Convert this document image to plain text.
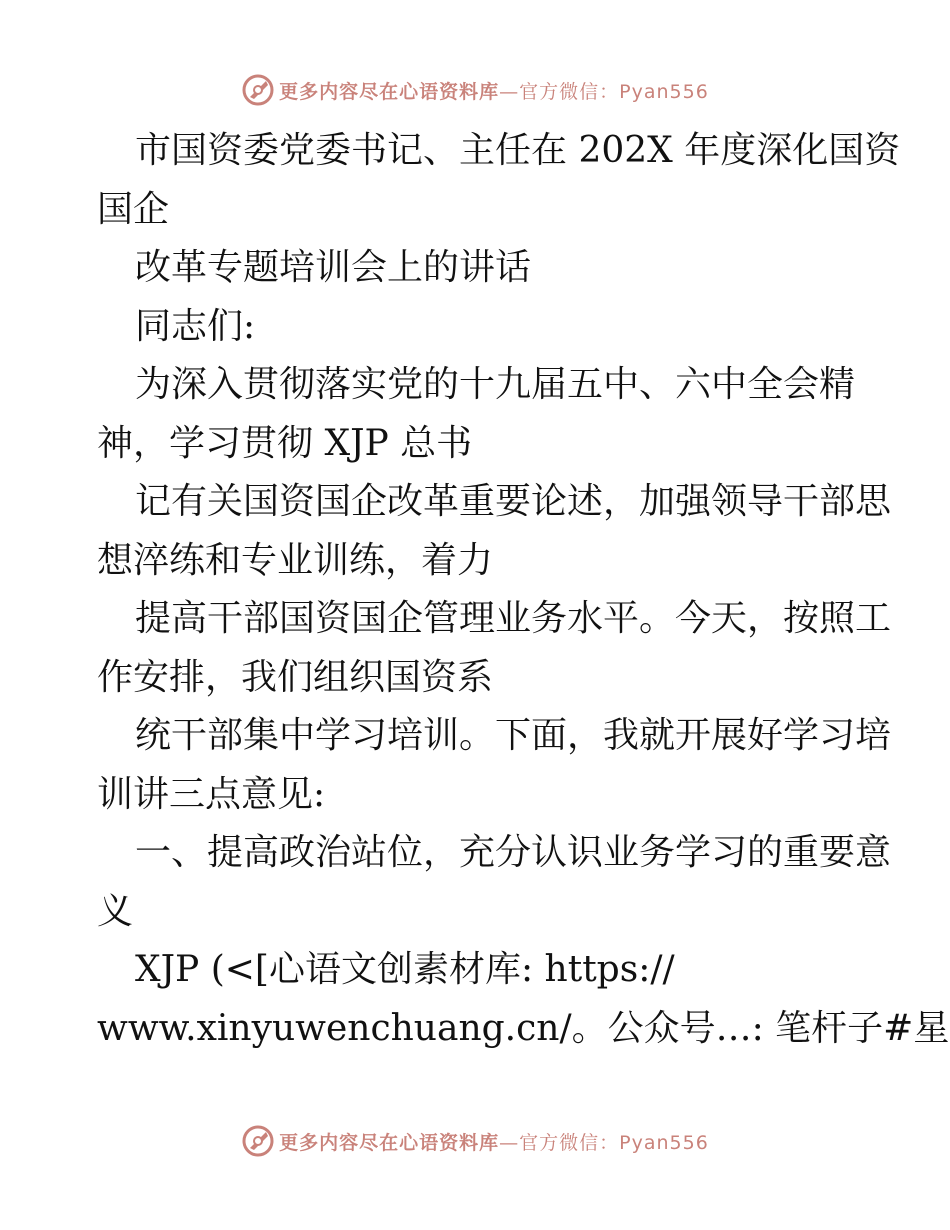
更多内容尽在心语资料库—官方微信：Pyan556
市国资委党委书记、主任在 202X 年度深化国资
国企
改革专题培训会上的讲话
同志们:
为深入贯彻落实党的十九届五中、六中全会精
神，学习贯彻 XJP 总书
记有关国资国企改革重要论述，加强领导干部思
想淬练和专业训练，着力
提高干部国资国企管理业务水平。今天，按照工
作安排，我们组织国资系
统干部集中学习培训。下面，我就开展好学习培
训讲三点意见:
一、提高政治站位，充分认识业务学习的重要意
义
XJP (<[心语文创素材库: https://
www.xinyuwenchuang.cn/。公众号…: 笔杆子#星
更多内容尽在心语资料库—官方微信：Pyan556
